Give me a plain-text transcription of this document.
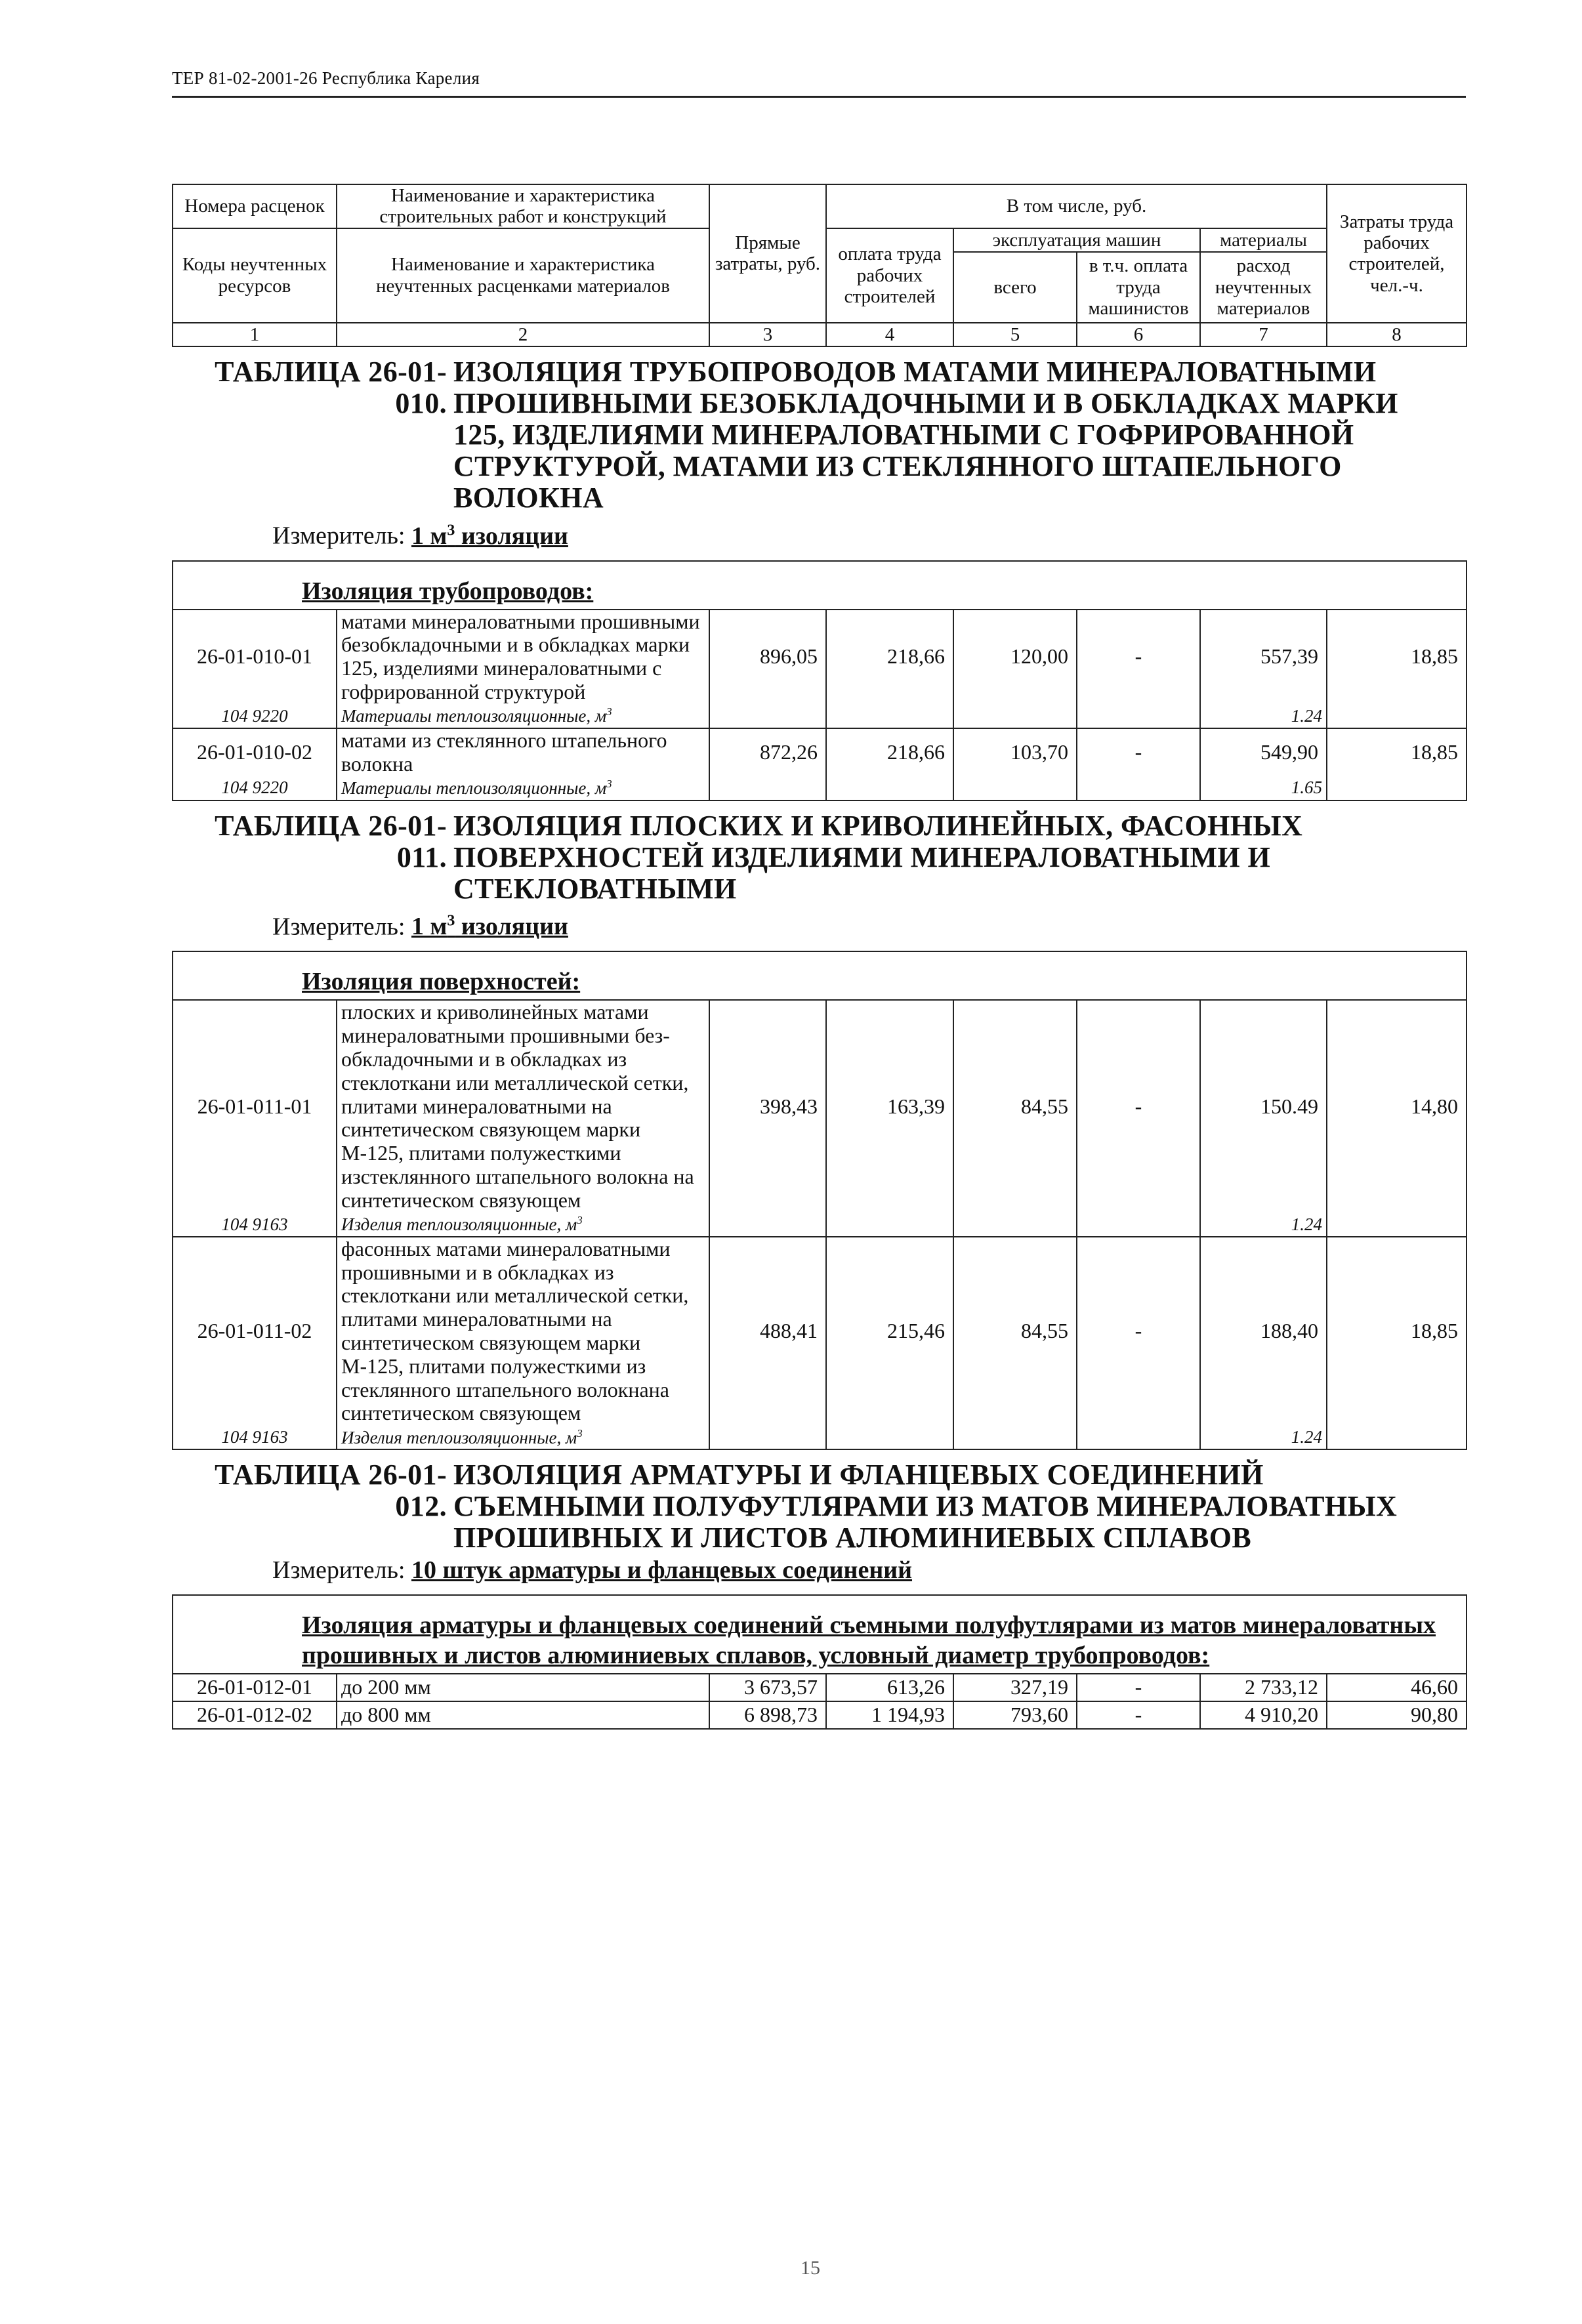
ТЕР 81-02-2001-26 Республика Карелия
Номера расценок	Наименование и характеристика строительных работ и конструкций	Прямые затраты, руб.	В том числе, руб.				Затраты труда рабочих строителей, чел.-ч.
Коды неучтенных ресурсов	Наименование и характеристика неучтенных расценками материалов		оплата труда рабочих строителей	эксплуатация машин		материалы	
				всего	в т.ч. оплата труда машинистов	расход неучтенных материалов	
1	2	3	4	5	6	7	8

ТАБЛИЦА 26-01-010.
ИЗОЛЯЦИЯ ТРУБОПРОВОДОВ МАТАМИ МИНЕРАЛОВАТНЫМИ ПРОШИВНЫМИ БЕЗОБКЛАДОЧНЫМИ И В ОБКЛАДКАХ МАРКИ 125, ИЗДЕЛИЯМИ МИНЕРАЛОВАТНЫМИ С ГОФРИРОВАННОЙ СТРУКТУРОЙ, МАТАМИ ИЗ СТЕКЛЯННОГО ШТАПЕЛЬНОГО ВОЛОКНА
Измеритель: 1 $м^3$ изоляции							

Изоляция трубопроводов:							

26-01-010-01	матами минераловатными прошивными безобкладочными и в обкладках марки 125, изделиями минераловатными с гофрированной структурой	896,05	218,66	120,00	-	557,39	18,85
104 9220	Материалы теплоизоляционные, $м^3$					1.24	
26-01-010-02	матами из стеклянного штапельного волокна	872,26	218,66	103,70	-	549,90	18,85
104 9220	Материалы теплоизоляционные, $м^3$					1.65	

ТАБЛИЦА 26-01-011.
ИЗОЛЯЦИЯ ПЛОСКИХ И КРИВОЛИНЕЙНЫХ, ФАСОННЫХ ПОВЕРХНОСТЕЙ ИЗДЕЛИЯМИ МИНЕРАЛОВАТНЫМИ И СТЕКЛОВАТНЫМИ
Измеритель: 1 $м^3$ изоляции							

Изоляция поверхностей:							

26-01-011-01	плоских и криволинейных матами минераловатными прошивными без- обкладочными и в обкладках из стеклоткани или металлической сетки, плитами минераловатными на синтетическом связующем марки М-125, плитами полужесткими изстеклянного штапельного волокна на синтетическом связующем	398,43	163,39	84,55	-	150.49	14,80
104 9163	Изделия теплоизоляционные, $м^3$					1.24	
26-01-011-02	фасонных матами минераловатными прошивными и в обкладках из стеклоткани или металлической сетки, плитами минераловатными на синтетическом связующем марки М-125, плитами полужесткими из стеклянного штапельного волокнана синтетическом связующем	488,41	215,46	84,55	-	188,40	18,85
104 9163	Изделия теплоизоляционные, $м^3$					1.24	

ТАБЛИЦА 26-01-012.
ИЗОЛЯЦИЯ АРМАТУРЫ И ФЛАНЦЕВЫХ СОЕДИНЕНИЙ СЪЕМНЫМИ ПОЛУФУТЛЯРАМИ ИЗ МАТОВ МИНЕРАЛОВАТНЫХ ПРОШИВНЫХ И ЛИСТОВ АЛЮМИНИЕВЫХ СПЛАВОВ
Измеритель: 10 штук арматуры и фланцевых соединений							

Изоляция арматуры и фланцевых соединений съемными полуфутлярами из матов минераловатных прошивных и листов алюминиевых сплавов, условный диаметр трубопроводов:							

26-01-012-01	до 200 мм	3 673,57	613,26	327,19	-	2 733,12	46,60
26-01-012-02	до 800 мм	6 898,73	1 194,93	793,60	-	4 910,20	90,80
15
